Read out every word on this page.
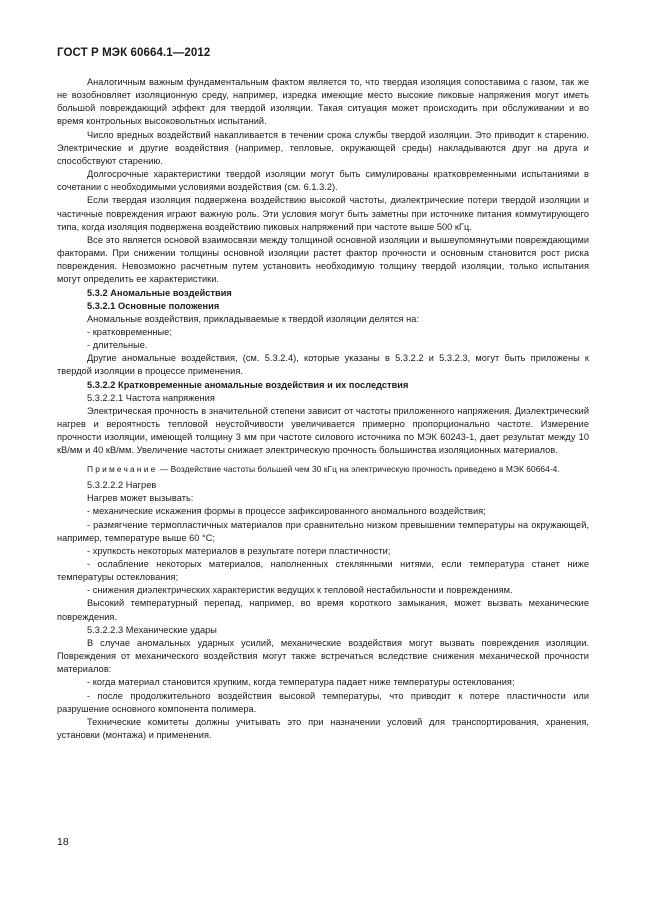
ГОСТ Р МЭК 60664.1—2012

Аналогичным важным фундаментальным фактом является то, что твердая изоляция сопоставима с газом, так же не возобновляет изоляционную среду, например, изредка имеющие место высокие пиковые напряжения могут иметь большой повреждающий эффект для твердой изоляции. Такая ситуация может происходить при обслуживании и во время контрольных высоковольтных испытаний.

Число вредных воздействий накапливается в течении срока службы твердой изоляции. Это приводит к старению. Электрические и другие воздействия (например, тепловые, окружающей среды) накладываются друг на друга и способствуют старению.

Долгосрочные характеристики твердой изоляции могут быть симулированы кратковременными испытаниями в сочетании с необходимыми условиями воздействия (см. 6.1.3.2).

Если твердая изоляция подвержена воздействию высокой частоты, диэлектрические потери твердой изоляции и частичные повреждения играют важную роль. Эти условия могут быть заметны при источнике питания коммутирующего типа, когда изоляция подвержена воздействию пиковых напряжений при частоте выше 500 кГц.

Все это является основой взаимосвязи между толщиной основной изоляции и вышеупомянутыми повреждающими факторами. При снижении толщины основной изоляции растет фактор прочности и основным становится рост риска повреждения. Невозможно расчетным путем установить необходимую толщину твердой изоляции, только испытания могут определить ее характеристики.

5.3.2 Аномальные воздействия

5.3.2.1 Основные положения

Аномальные воздействия, прикладываемые к твердой изоляции делятся на:

- кратковременные;

- длительные.

Другие аномальные воздействия, (см. 5.3.2.4), которые указаны в 5.3.2.2 и 5.3.2.3, могут быть приложены к твердой изоляции в процессе применения.

5.3.2.2 Кратковременные аномальные воздействия и их последствия

5.3.2.2.1 Частота напряжения

Электрическая прочность в значительной степени зависит от частоты приложенного напряжения. Диэлектрический нагрев и вероятность тепловой неустойчивости увеличивается примерно пропорционально частоте. Измерение прочности изоляции, имеющей толщину 3 мм при частоте силового источника по МЭК 60243-1, дает результат между 10 кВ/мм и 40 кВ/мм. Увеличение частоты снижает электрическую прочность большинства изоляционных материалов.

Примечание — Воздействие частоты большей чем 30 кГц на электрическую прочность приведено в МЭК 60664-4.

5.3.2.2.2 Нагрев

Нагрев может вызывать:

- механические искажения формы в процессе зафиксированного аномального воздействия;

- размягчение термопластичных материалов при сравнительно низком превышении температуры на окружающей, например, температуре выше 60 °С;

- хрупкость некоторых материалов в результате потери пластичности;

- ослабление некоторых материалов, наполненных стеклянными нитями, если температура станет ниже температуры остеклования;

- снижения диэлектрических характеристик ведущих к тепловой нестабильности и повреждениям.

Высокий температурный перепад, например, во время короткого замыкания, может вызвать механические повреждения.

5.3.2.2.3 Механические удары

В случае аномальных ударных усилий, механические воздействия могут вызвать повреждения изоляции. Повреждения от механического воздействия могут также встречаться вследствие снижения механической прочности материалов:

- когда материал становится хрупким, когда температура падает ниже температуры остеклования;

- после продолжительного воздействия высокой температуры, что приводит к потере пластичности или разрушение основного компонента полимера.

Технические комитеты должны учитывать это при назначении условий для транспортирования, хранения, установки (монтажа) и применения.

18
